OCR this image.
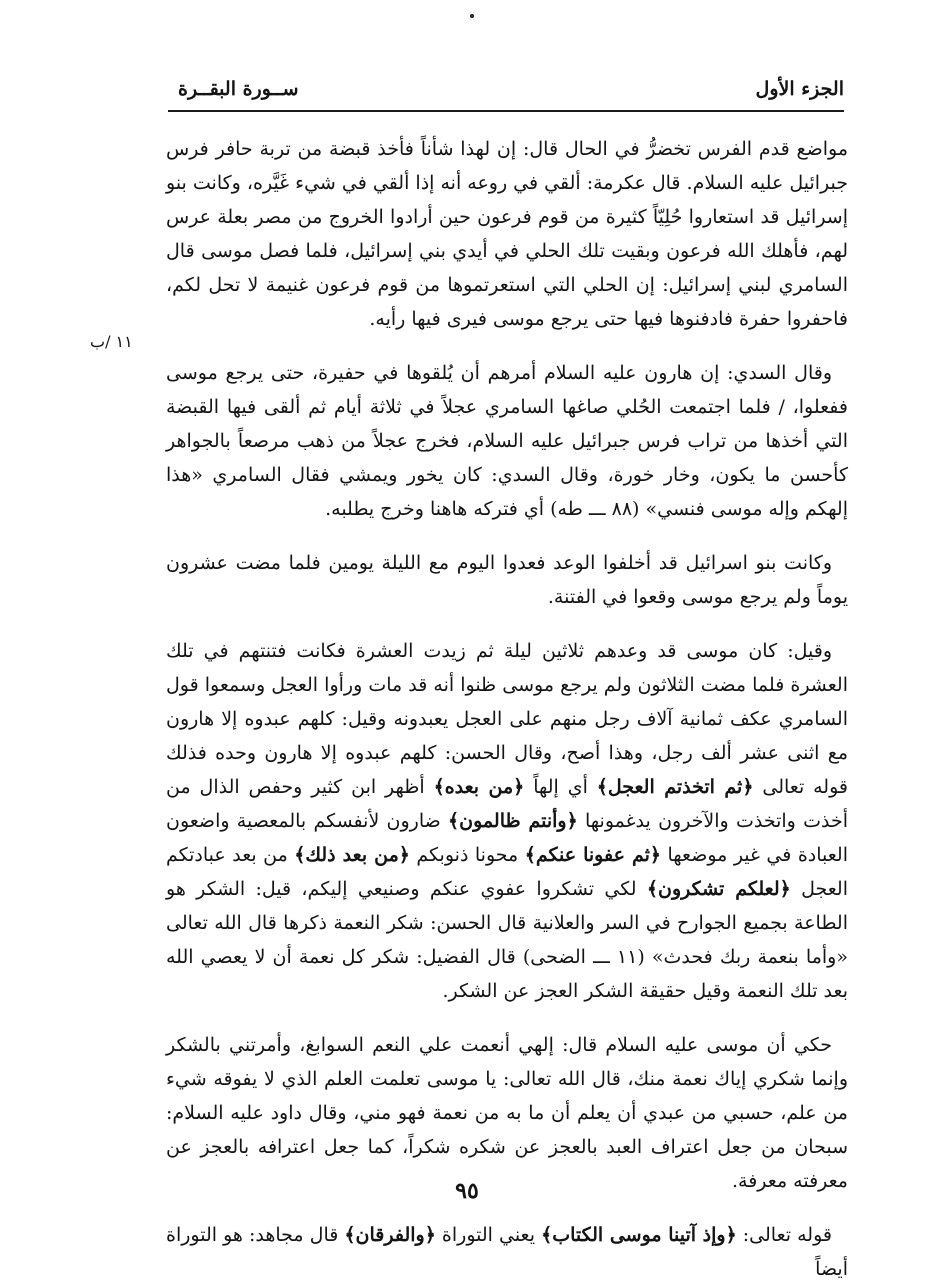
الجزء الأول
ســورة البقــرة
١١ /ب

مواضع قدم الفرس تخضرُّ في الحال قال: إن لهذا شأناً فأخذ قبضة من تربة حافر فرس جبرائيل عليه السلام. قال عكرمة: ألقي في روعه أنه إذا ألقي في شيء غَيَّره، وكانت بنو إسرائيل قد استعاروا حُلِيّاً كثيرة من قوم فرعون حين أرادوا الخروج من مصر بعلة عرس لهم، فأهلك الله فرعون وبقيت تلك الحلي في أيدي بني إسرائيل، فلما فصل موسى قال السامري لبني إسرائيل: إن الحلي التي استعرتموها من قوم فرعون غنيمة لا تحل لكم، فاحفروا حفرة فادفنوها فيها حتى يرجع موسى فيرى فيها رأيه.

وقال السدي: إن هارون عليه السلام أمرهم أن يُلقوها في حفيرة، حتى يرجع موسى ففعلوا، / فلما اجتمعت الحُلي صاغها السامري عجلاً في ثلاثة أيام ثم ألقى فيها القبضة التي أخذها من تراب فرس جبرائيل عليه السلام، فخرج عجلاً من ذهب مرصعاً بالجواهر كأحسن ما يكون، وخار خورة، وقال السدي: كان يخور ويمشي فقال السامري «هذا إلهكم وإله موسى فنسي» (٨٨ ـــ طه) أي فتركه هاهنا وخرج يطلبه.

وكانت بنو اسرائيل قد أخلفوا الوعد فعدوا اليوم مع الليلة يومين فلما مضت عشرون يوماً ولم يرجع موسى وقعوا في الفتنة.

وقيل: كان موسى قد وعدهم ثلاثين ليلة ثم زيدت العشرة فكانت فتنتهم في تلك العشرة فلما مضت الثلاثون ولم يرجع موسى ظنوا أنه قد مات ورأوا العجل وسمعوا قول السامري عكف ثمانية آلاف رجل منهم على العجل يعبدونه وقيل: كلهم عبدوه إلا هارون مع اثنى عشر ألف رجل، وهذا أصح، وقال الحسن: كلهم عبدوه إلا هارون وحده فذلك قوله تعالى ﴿ثم اتخذتم العجل﴾ أي إلهاً ﴿من بعده﴾ أظهر ابن كثير وحفص الذال من أخذت واتخذت والآخرون يدغمونها ﴿وأنتم ظالمون﴾ ضارون لأنفسكم بالمعصية واضعون العبادة في غير موضعها ﴿ثم عفونا عنكم﴾ محونا ذنوبكم ﴿من بعد ذلك﴾ من بعد عبادتكم العجل ﴿لعلكم تشكرون﴾ لكي تشكروا عفوي عنكم وصنيعي إليكم، قيل: الشكر هو الطاعة بجميع الجوارح في السر والعلانية قال الحسن: شكر النعمة ذكرها قال الله تعالى «وأما بنعمة ربك فحدث» (١١ ـــ الضحى) قال الفضيل: شكر كل نعمة أن لا يعصي الله بعد تلك النعمة وقيل حقيقة الشكر العجز عن الشكر.

حكي أن موسى عليه السلام قال: إلهي أنعمت علي النعم السوابغ، وأمرتني بالشكر وإنما شكري إياك نعمة منك، قال الله تعالى: يا موسى تعلمت العلم الذي لا يفوقه شيء من علم، حسبي من عبدي أن يعلم أن ما به من نعمة فهو مني، وقال داود عليه السلام: سبحان من جعل اعتراف العبد بالعجز عن شكره شكراً، كما جعل اعترافه بالعجز عن معرفته معرفة.

قوله تعالى: ﴿وإذ آتينا موسى الكتاب﴾ يعني التوراة ﴿والفرقان﴾ قال مجاهد: هو التوراة أيضاً

٩٥
